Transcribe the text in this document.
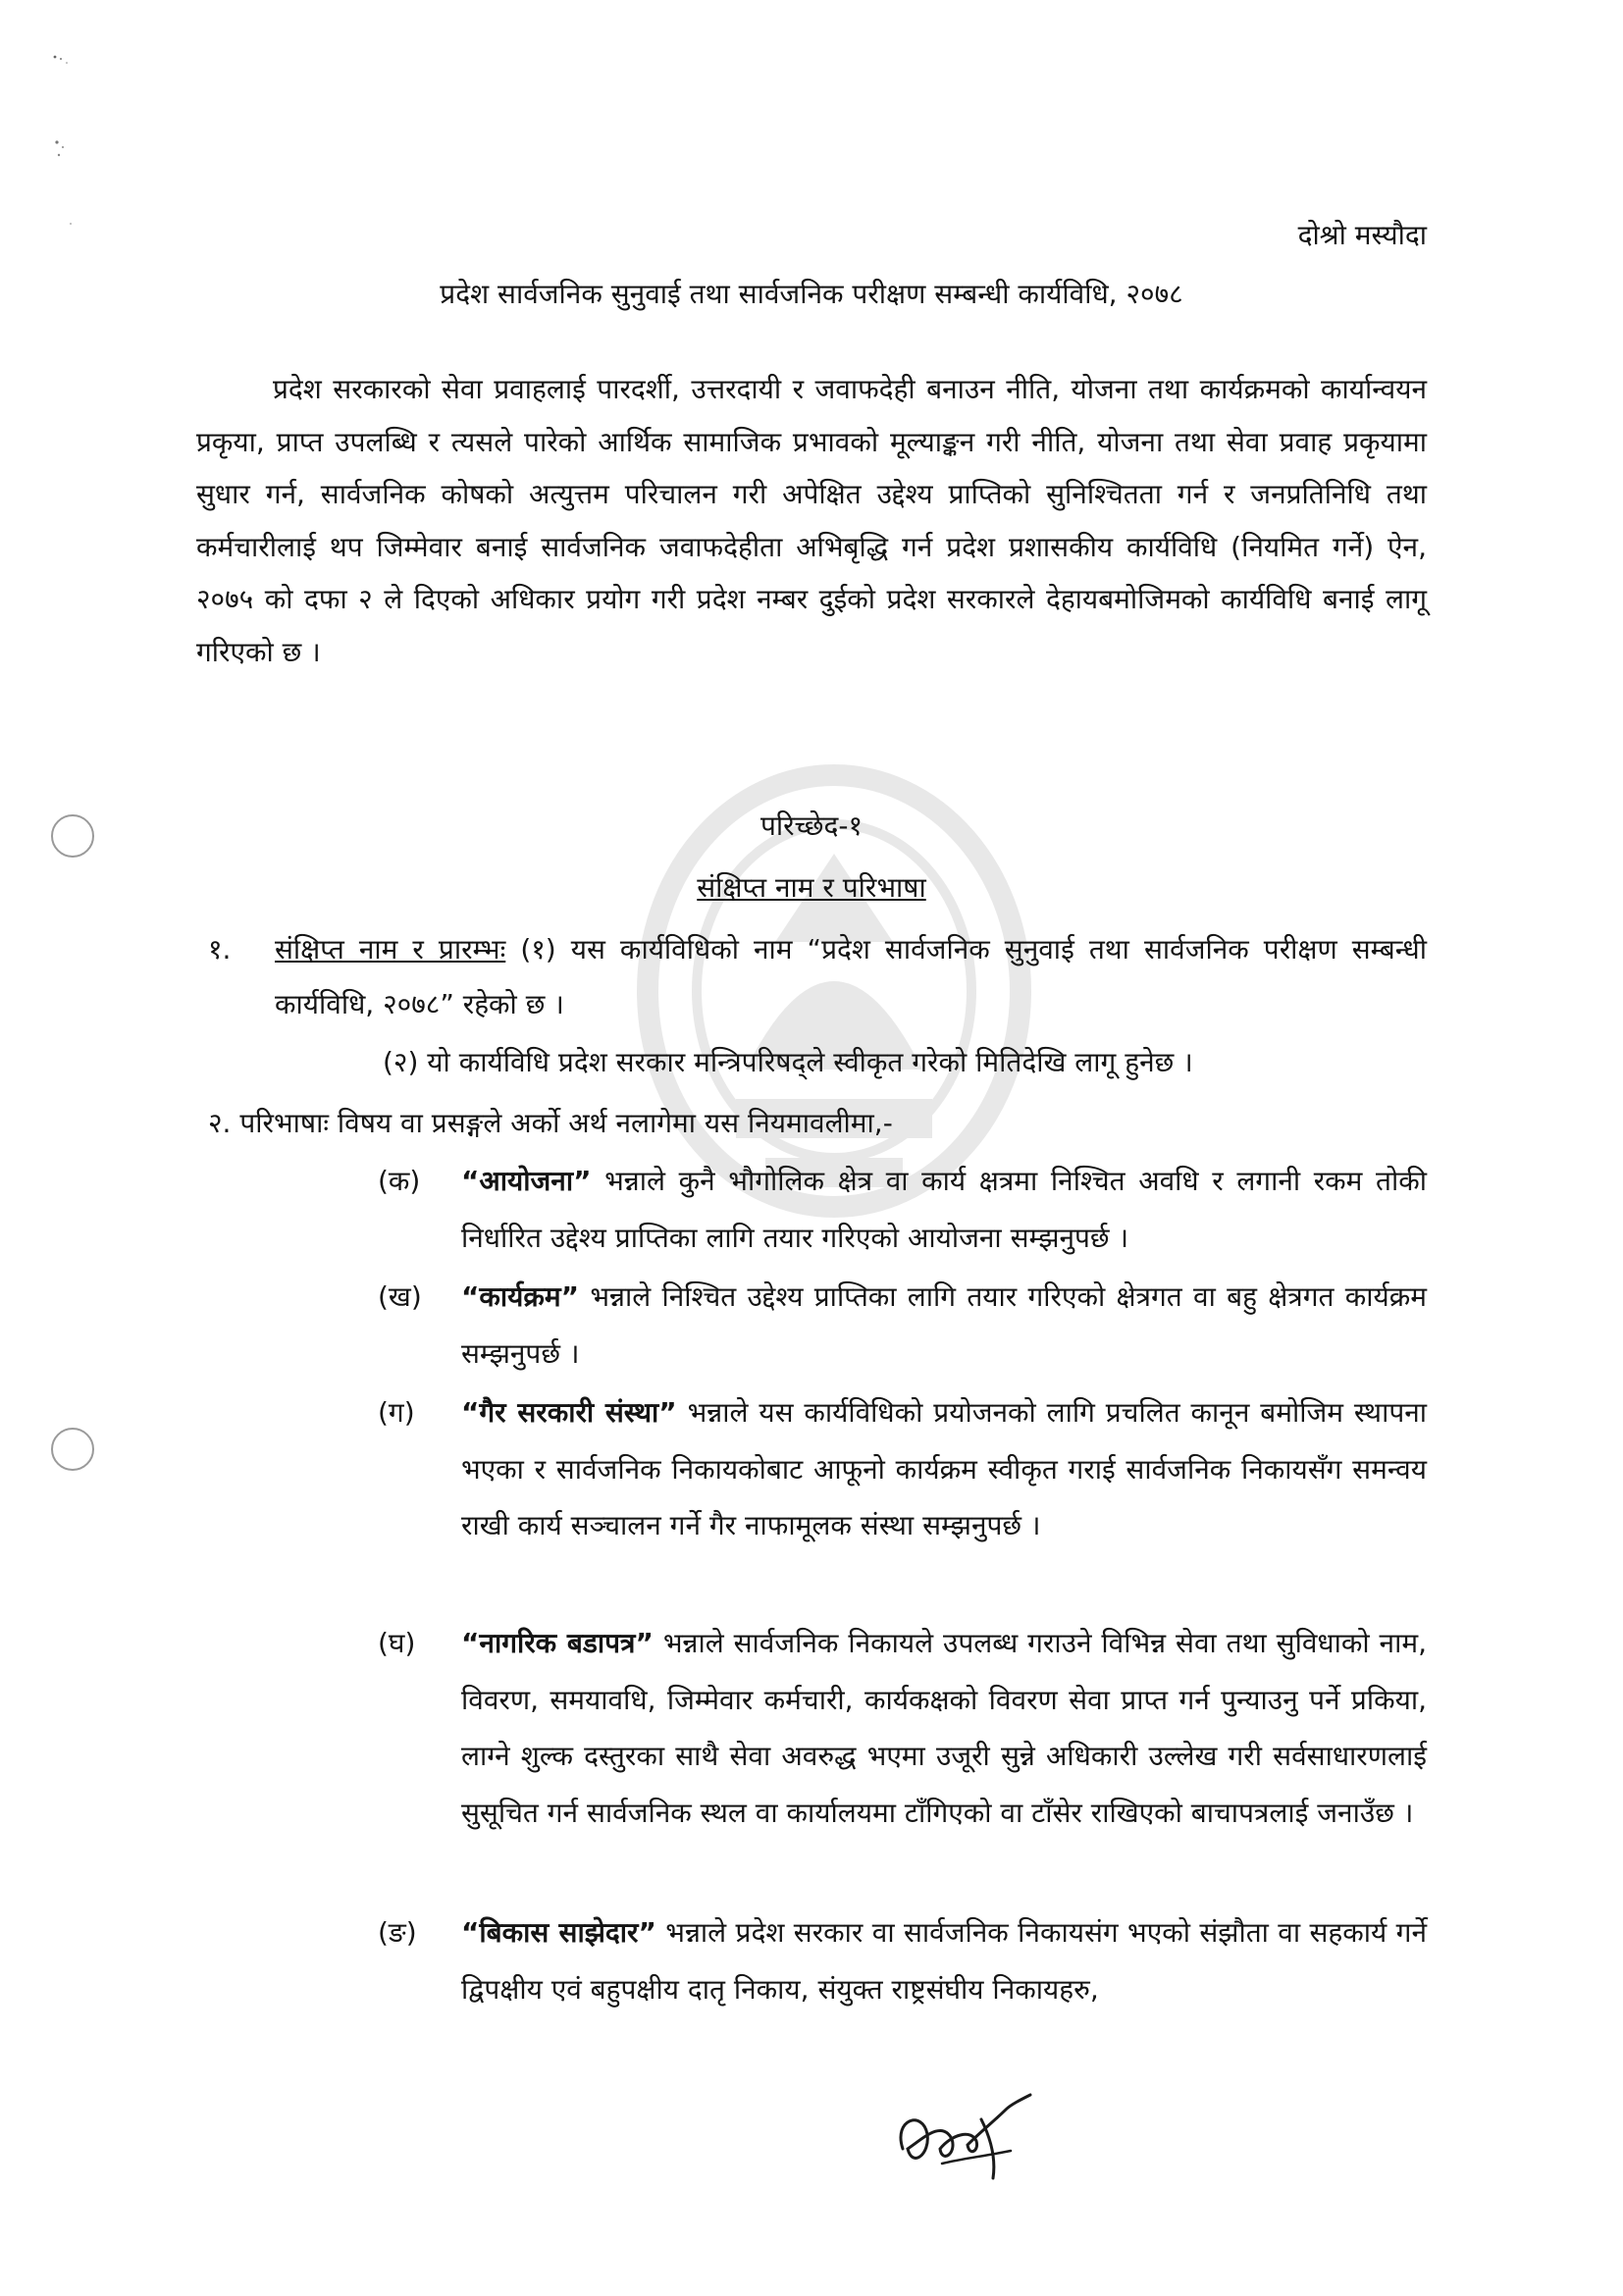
दोश्रो मस्यौदा
प्रदेश सार्वजनिक सुनुवाई तथा सार्वजनिक परीक्षण सम्बन्धी कार्यविधि, २०७८
प्रदेश सरकारको सेवा प्रवाहलाई पारदर्शी, उत्तरदायी र जवाफदेही बनाउन नीति, योजना तथा कार्यक्रमको कार्यान्वयन प्रकृया, प्राप्त उपलब्धि र त्यसले पारेको आर्थिक सामाजिक प्रभावको मूल्याङ्कन गरी नीति, योजना तथा सेवा प्रवाह प्रकृयामा सुधार गर्न, सार्वजनिक कोषको अत्युत्तम परिचालन गरी अपेक्षित उद्देश्य प्राप्तिको सुनिश्चितता गर्न र जनप्रतिनिधि तथा कर्मचारीलाई थप जिम्मेवार बनाई सार्वजनिक जवाफदेहीता अभिबृद्धि गर्न प्रदेश प्रशासकीय कार्यविधि (नियमित गर्ने) ऐन, २०७५ को दफा २ ले दिएको अधिकार प्रयोग गरी प्रदेश नम्बर दुईको प्रदेश सरकारले देहायबमोजिमको कार्यविधि बनाई लागू गरिएको छ ।
परिच्छेद-१
संक्षिप्त नाम र परिभाषा
१. संक्षिप्त नाम र प्रारम्भः (१) यस कार्यविधिको नाम “प्रदेश सार्वजनिक सुनुवाई तथा सार्वजनिक परीक्षण सम्बन्धी कार्यविधि, २०७८” रहेको छ ।
(२) यो कार्यविधि प्रदेश सरकार मन्त्रिपरिषद्ले स्वीकृत गरेको मितिदेखि लागू हुनेछ ।
२. परिभाषाः विषय वा प्रसङ्गले अर्को अर्थ नलागेमा यस नियमावलीमा,-
(क) “आयोजना” भन्नाले कुनै भौगोलिक क्षेत्र वा कार्य क्षत्रमा निश्चित अवधि र लगानी रकम तोकी निर्धारित उद्देश्य प्राप्तिका लागि तयार गरिएको आयोजना सम्झनुपर्छ ।
(ख) “कार्यक्रम” भन्नाले निश्चित उद्देश्य प्राप्तिका लागि तयार गरिएको क्षेत्रगत वा बहु क्षेत्रगत कार्यक्रम सम्झनुपर्छ ।
(ग) “गैर सरकारी संस्था” भन्नाले यस कार्यविधिको प्रयोजनको लागि प्रचलित कानून बमोजिम स्थापना भएका र सार्वजनिक निकायकोबाट आफूनो कार्यक्रम स्वीकृत गराई सार्वजनिक निकायसँग समन्वय राखी कार्य सञ्चालन गर्ने गैर नाफामूलक संस्था सम्झनुपर्छ ।
(घ) “नागरिक बडापत्र” भन्नाले सार्वजनिक निकायले उपलब्ध गराउने विभिन्न सेवा तथा सुविधाको नाम, विवरण, समयावधि, जिम्मेवार कर्मचारी, कार्यकक्षको विवरण सेवा प्राप्त गर्न पुन्याउनु पर्ने प्रकिया, लाग्ने शुल्क दस्तुरका साथै सेवा अवरुद्ध भएमा उजूरी सुन्ने अधिकारी उल्लेख गरी सर्वसाधारणलाई सुसूचित गर्न सार्वजनिक स्थल वा कार्यालयमा टाँगिएको वा टाँसेर राखिएको बाचापत्रलाई जनाउँछ ।
(ङ) “बिकास साझेदार” भन्नाले प्रदेश सरकार वा सार्वजनिक निकायसंग भएको संझौता वा सहकार्य गर्ने द्विपक्षीय एवं बहुपक्षीय दातृ निकाय, संयुक्त राष्ट्रसंघीय निकायहरु,
